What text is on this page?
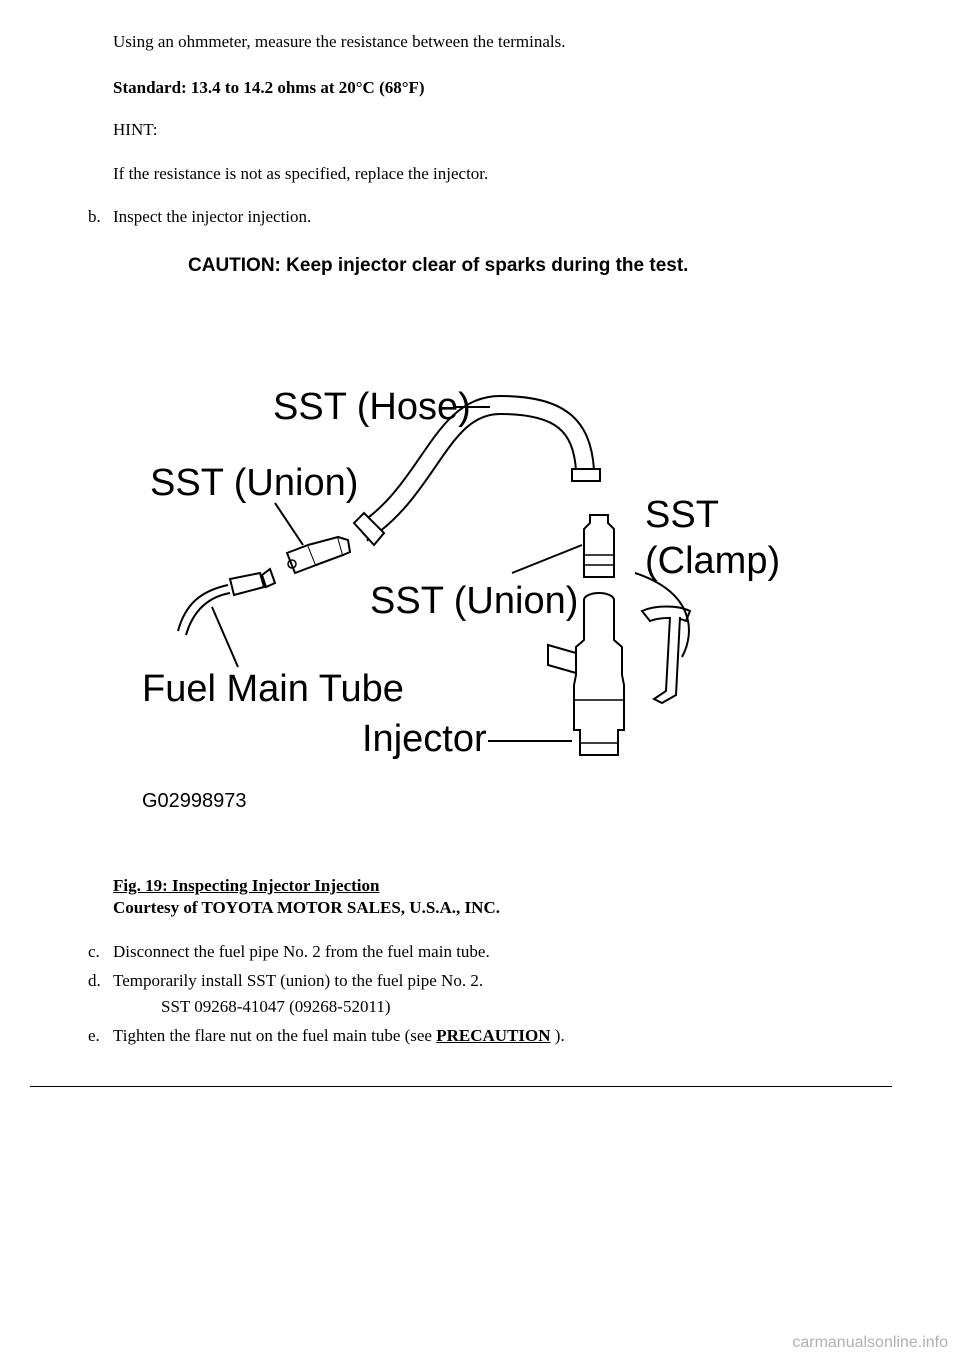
Using an ohmmeter, measure the resistance between the terminals.
Standard: 13.4 to 14.2 ohms at 20°C (68°F)
HINT:
If the resistance is not as specified, replace the injector.
b. Inspect the injector injection.
CAUTION: Keep injector clear of sparks during the test.
SST (Hose)
SST (Union)
SST
(Clamp)
SST (Union)
Fuel Main Tube
Injector
G02998973
Fig. 19: Inspecting Injector Injection
Courtesy of TOYOTA MOTOR SALES, U.S.A., INC.
c. Disconnect the fuel pipe No. 2 from the fuel main tube.
d. Temporarily install SST (union) to the fuel pipe No. 2.
SST 09268-41047 (09268-52011)
e. Tighten the flare nut on the fuel main tube (see PRECAUTION ).
carmanualsonline.info
